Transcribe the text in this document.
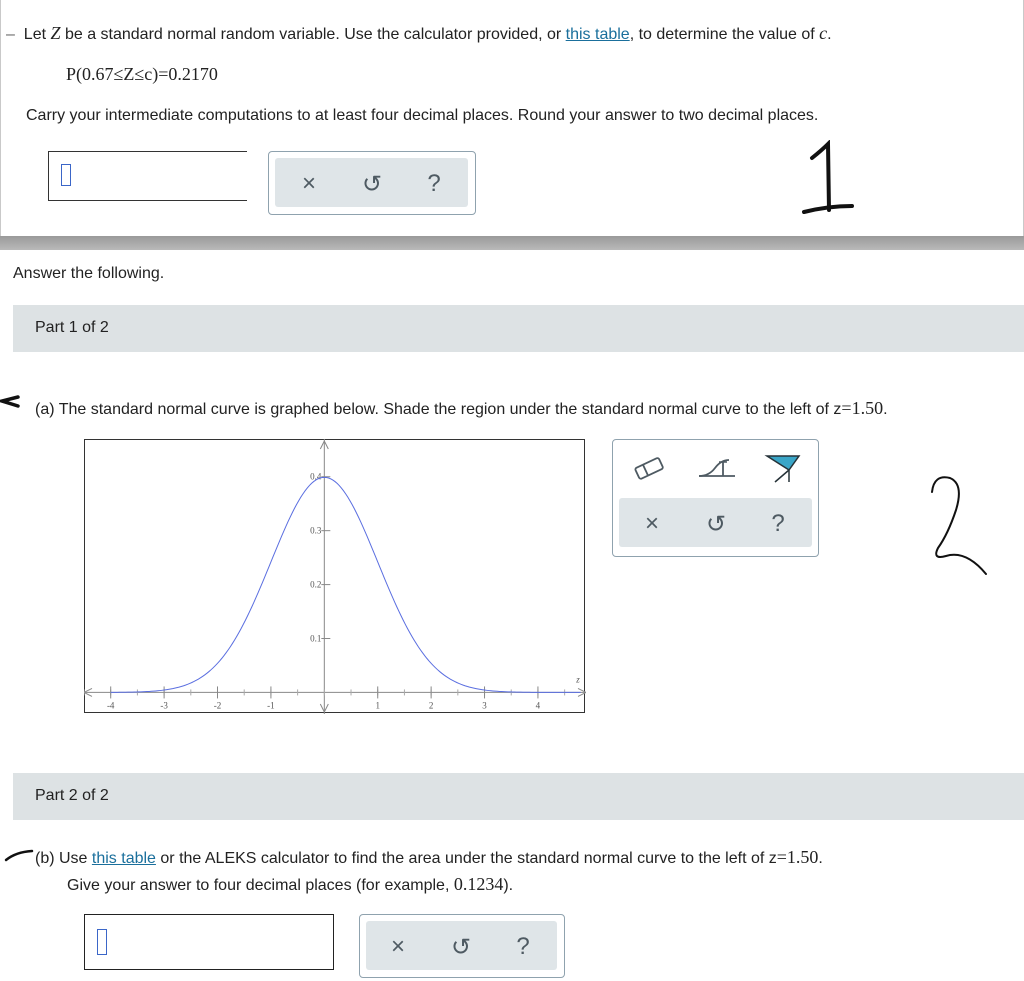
– Let Z be a standard normal random variable. Use the calculator provided, or this table, to determine the value of c.
P(0.67≤Z≤c)=0.2170
Carry your intermediate computations to at least four decimal places. Round your answer to two decimal places.
×	↺	?
Answer the following.
Part 1 of 2
(a) The standard normal curve is graphed below. Shade the region under the standard normal curve to the left of z=1.50.
-4	-3	-2	-1	1	2	3	4
0.1
0.2
0.3
0.4
z
×	↺	?
Part 2 of 2
(b) Use this table or the ALEKS calculator to find the area under the standard normal curve to the left of z=1.50.
Give your answer to four decimal places (for example, 0.1234).
×	↺	?
